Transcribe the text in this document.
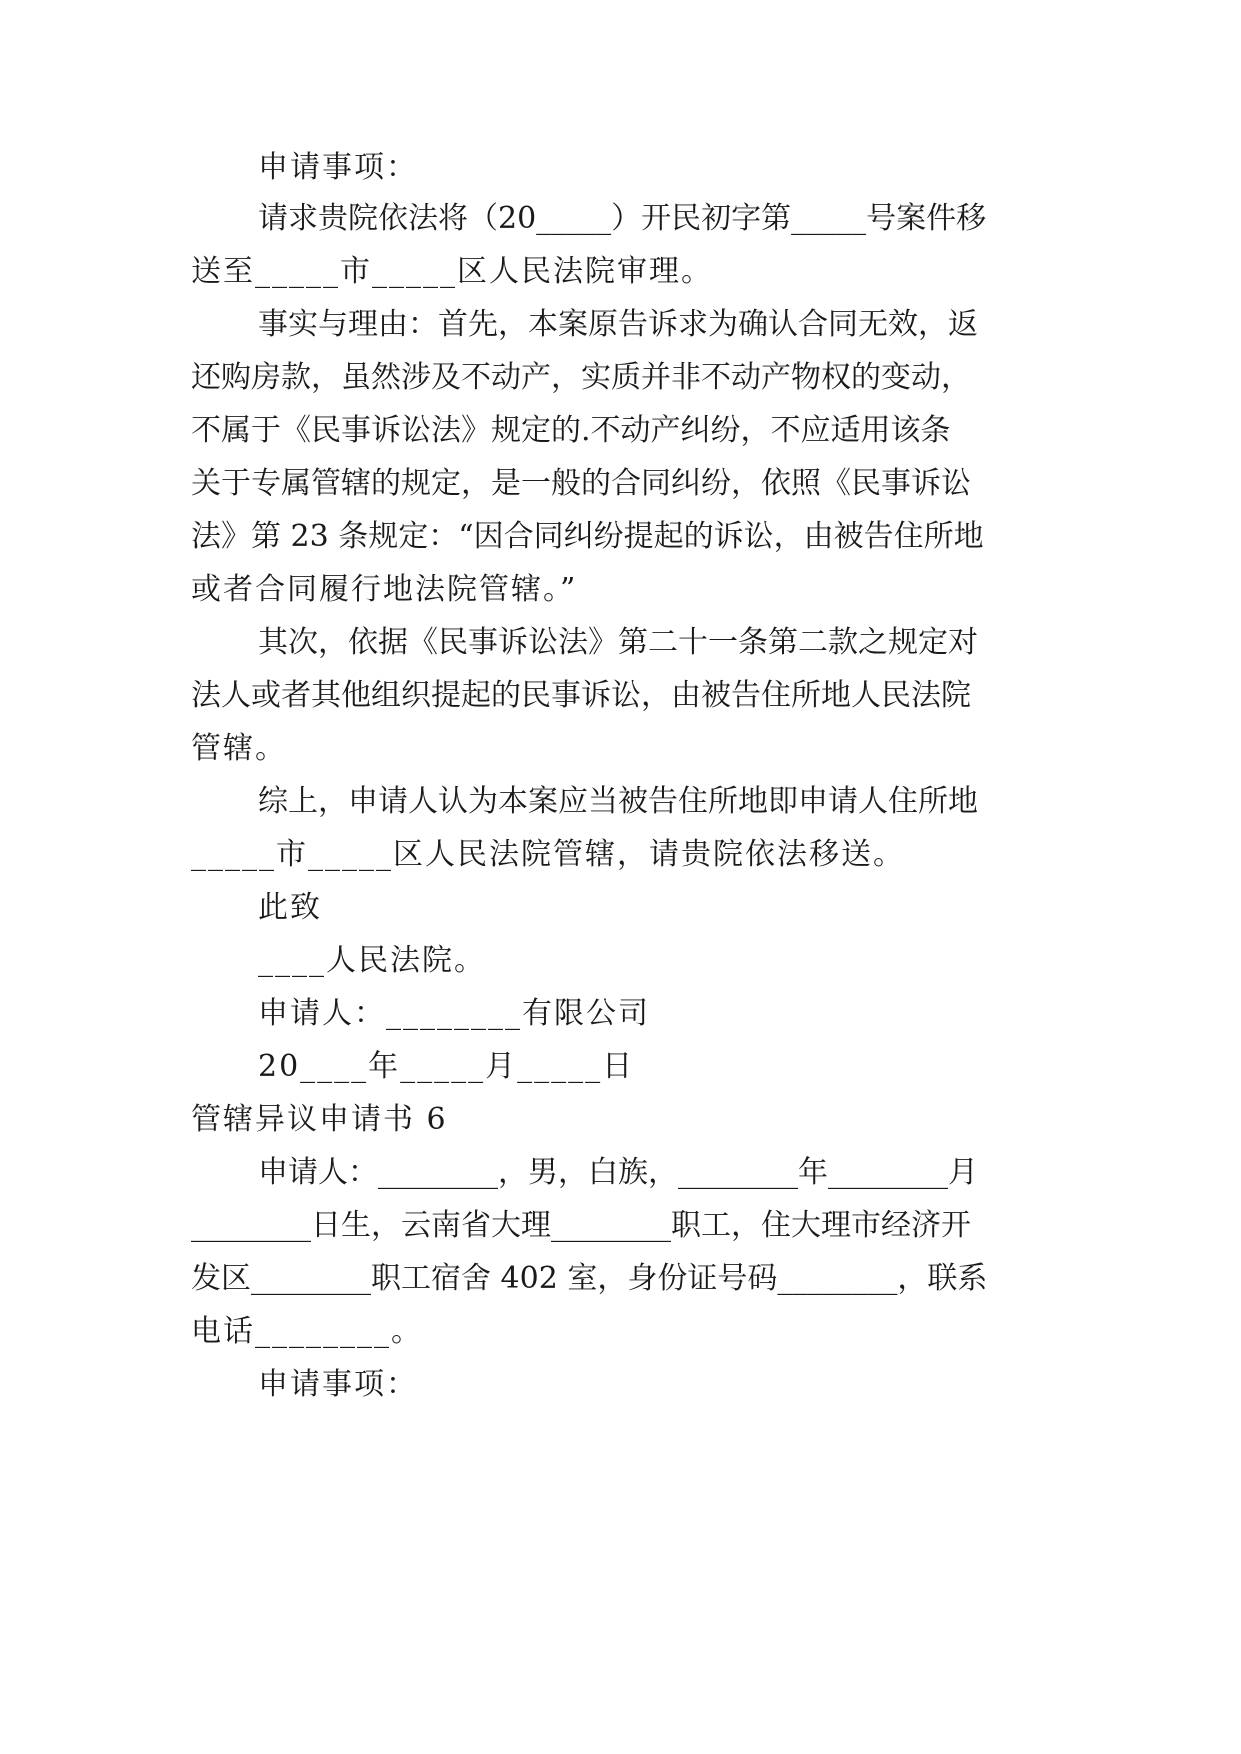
申请事项：
请求贵院依法将（20_____）开民初字第_____号案件移
送至_____市_____区人民法院审理。
事实与理由：首先，本案原告诉求为确认合同无效，返
还购房款，虽然涉及不动产，实质并非不动产物权的变动，
不属于《民事诉讼法》规定的.不动产纠纷，不应适用该条
关于专属管辖的规定，是一般的合同纠纷，依照《民事诉讼
法》第 23 条规定：“因合同纠纷提起的诉讼，由被告住所地
或者合同履行地法院管辖。”
其次，依据《民事诉讼法》第二十一条第二款之规定对
法人或者其他组织提起的民事诉讼，由被告住所地人民法院
管辖。
综上，申请人认为本案应当被告住所地即申请人住所地
_____市_____区人民法院管辖，请贵院依法移送。
此致
____人民法院。
申请人：________有限公司
20____年_____月_____日
管辖异议申请书 6
申请人：________，男，白族，________年________月
________日生，云南省大理________职工，住大理市经济开
发区________职工宿舍 402 室，身份证号码________，联系
电话________。
申请事项：
